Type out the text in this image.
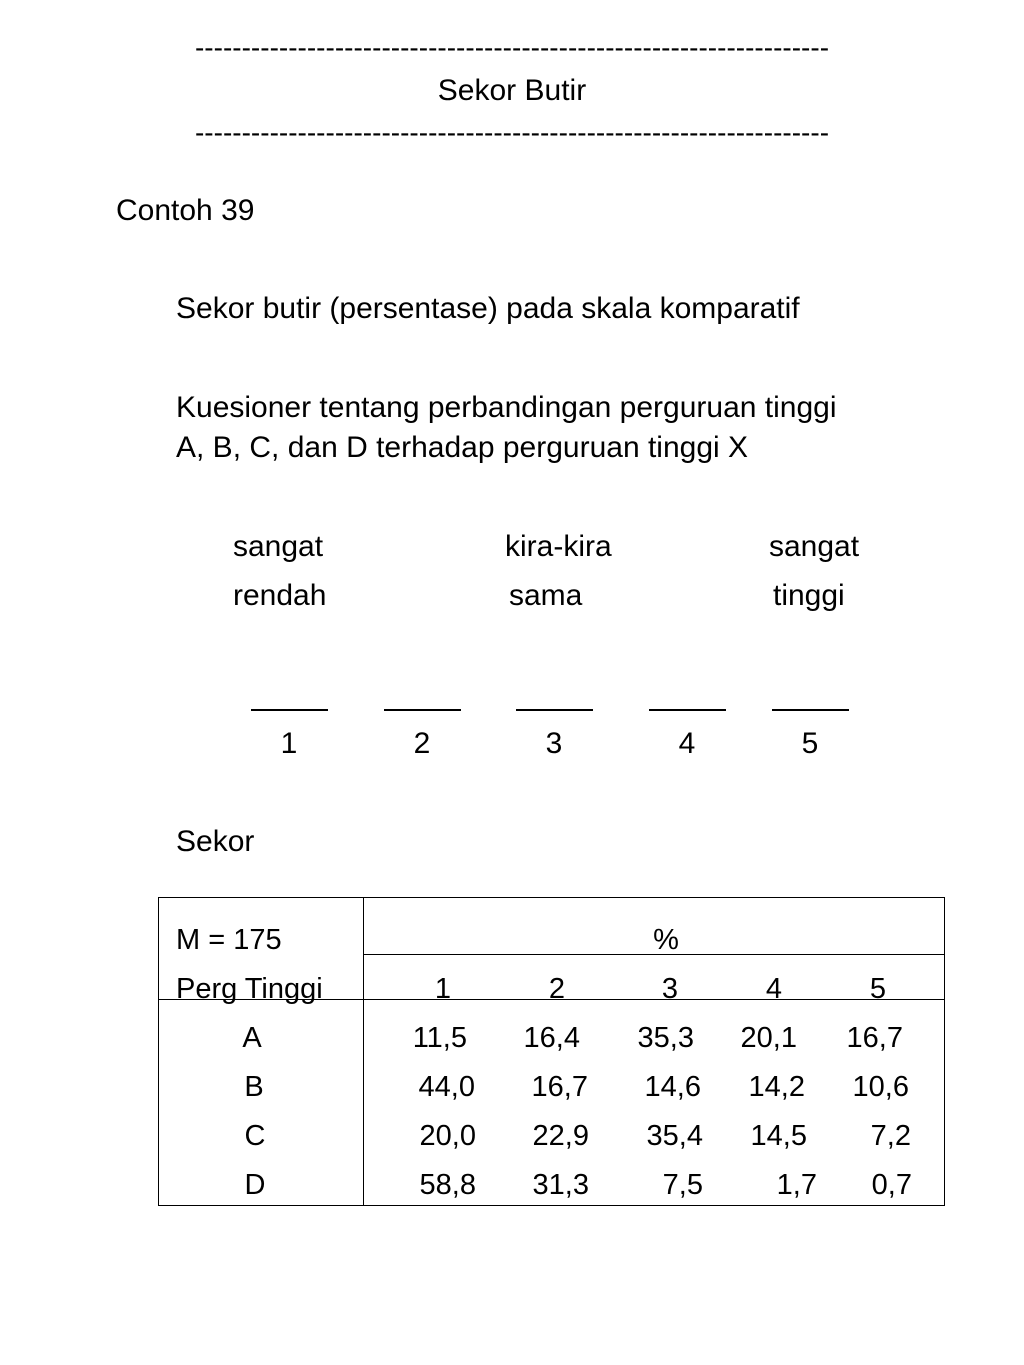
--------------------------------------------------------------------
Sekor Butir
--------------------------------------------------------------------
Contoh 39
Sekor butir (persentase) pada skala komparatif
Kuesioner tentang perbandingan perguruan tinggi
A, B, C, dan D terhadap perguruan tinggi X
sangat
rendah
kira-kira
sama
sangat
tinggi
1	2	3	4	5
Sekor
M = 175
Perg Tinggi
%
1	2	3	4	5
A	11,5	16,4	35,3	20,1	16,7
B	44,0	16,7	14,6	14,2	10,6
C	20,0	22,9	35,4	14,5	7,2
D	58,8	31,3	7,5	1,7	0,7
